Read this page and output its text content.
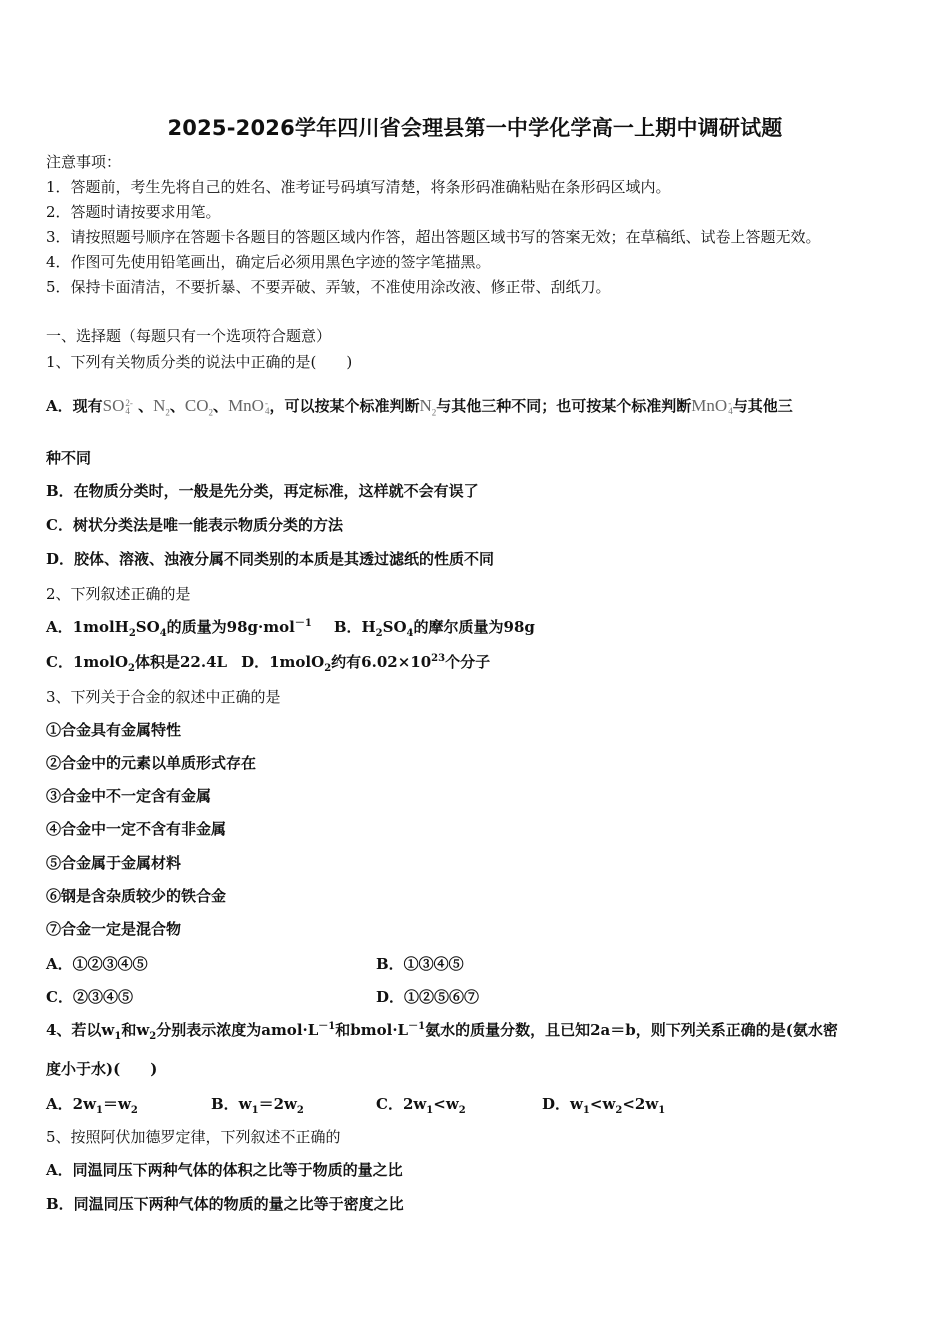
2025-2026学年四川省会理县第一中学化学高一上期中调研试题
注意事项：
1．答题前，考生先将自己的姓名、准考证号码填写清楚，将条形码准确粘贴在条形码区域内。
2．答题时请按要求用笔。
3．请按照题号顺序在答题卡各题目的答题区域内作答，超出答题区域书写的答案无效；在草稿纸、试卷上答题无效。
4．作图可先使用铅笔画出，确定后必须用黑色字迹的签字笔描黑。
5．保持卡面清洁，不要折暴、不要弄破、弄皱，不准使用涂改液、修正带、刮纸刀。
一、选择题（每题只有一个选项符合题意）
1、下列有关物质分类的说法中正确的是(　　)
A．现有SO2-
4 、$N_2$、$CO_2$、MnO-
4，可以按某个标准判断$N_2$与其他三种不同；也可按某个标准判断MnO-
4与其他三
种不同
B．在物质分类时，一般是先分类，再定标准，这样就不会有误了
C．树状分类法是唯一能表示物质分类的方法
D．胶体、溶液、浊液分属不同类别的本质是其透过滤纸的性质不同
2、下列叙述正确的是
A．$1molH_2SO_4$的质量为98g·mol$^{-1}$ B．$H_2SO_4$的摩尔质量为98g
C．1molO$_2$体积是22.4L D．1molO$_2$约有$6.02\times 10^{23}$个分子
3、下列关于合金的叙述中正确的是
①合金具有金属特性
②合金中的元素以单质形式存在
③合金中不一定含有金属
④合金中一定不含有非金属
⑤合金属于金属材料
⑥钢是含杂质较少的铁合金
⑦合金一定是混合物
A．①②③④⑤	B．①③④⑤
C．②③④⑤	D．①②⑤⑥⑦
4、若以$w_1$和$w_2$分别表示浓度为$amol\cdot L^{-1}$和$bmol\cdot L^{-1}$氨水的质量分数，且已知2a＝b，则下列关系正确的是(氨水密
度小于水)(　　)
A．$2w_1=w_2$	B．$w_1=2w_2$	C．$2w_1<w_2$	D．$w_1<w_2<2w_1$
5、按照阿伏加德罗定律，下列叙述不正确的
A．同温同压下两种气体的体积之比等于物质的量之比
B．同温同压下两种气体的物质的量之比等于密度之比
